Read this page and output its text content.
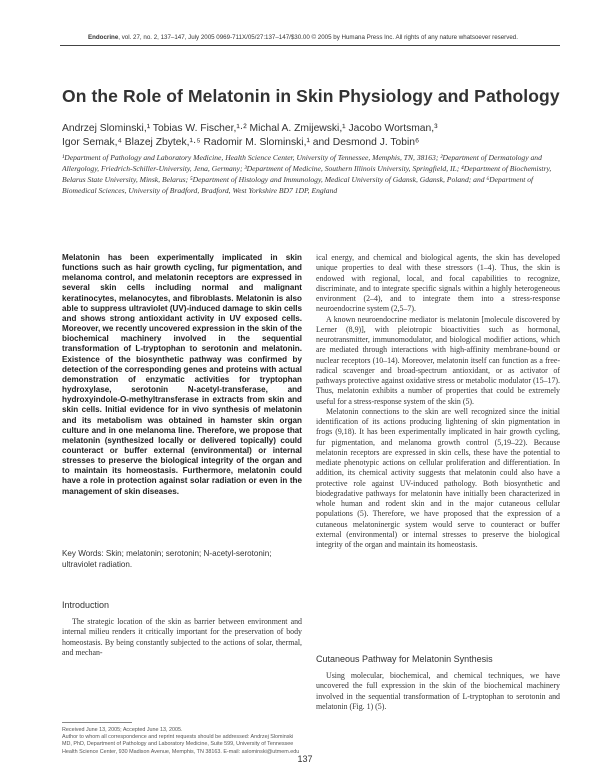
Endocrine, vol. 27, no. 2, 137–147, July 2005 0969-711X/05/27:137–147/$30.00 © 2005 by Humana Press Inc. All rights of any nature whatsoever reserved.
On the Role of Melatonin in Skin Physiology and Pathology
Andrzej Slominski,¹ Tobias W. Fischer,¹·² Michal A. Zmijewski,¹ Jacobo Wortsman,³
Igor Semak,⁴ Blazej Zbytek,¹·⁵ Radomir M. Slominski,¹ and Desmond J. Tobin⁶
¹Department of Pathology and Laboratory Medicine, Health Science Center, University of Tennessee, Memphis, TN, 38163; ²Department of Dermatology and Allergology, Friedrich-Schiller-University, Jena, Germany; ³Department of Medicine, Southern Illinois University, Springfield, IL; ⁴Department of Biochemistry, Belarus State University, Minsk, Belarus; ⁵Department of Histology and Immunology, Medical University of Gdansk, Gdansk, Poland; and ⁶Department of Biomedical Sciences, University of Bradford, Bradford, West Yorkshire BD7 1DP, England

Melatonin has been experimentally implicated in skin functions such as hair growth cycling, fur pigmentation, and melanoma control, and melatonin receptors are expressed in several skin cells including normal and malignant keratinocytes, melanocytes, and fibroblasts. Melatonin is also able to suppress ultraviolet (UV)-induced damage to skin cells and shows strong antioxidant activity in UV exposed cells. Moreover, we recently uncovered expression in the skin of the biochemical machinery involved in the sequential transformation of L-tryptophan to serotonin and melatonin. Existence of the biosynthetic pathway was confirmed by detection of the corresponding genes and proteins with actual demonstration of enzymatic activities for tryptophan hydroxylase, serotonin N-acetyl-transferase, and hydroxyindole-O-methyltransferase in extracts from skin and skin cells. Initial evidence for in vivo synthesis of melatonin and its metabolism was obtained in hamster skin organ culture and in one melanoma line. Therefore, we propose that melatonin (synthesized locally or delivered topically) could counteract or buffer external (environmental) or internal stresses to preserve the biological integrity of the organ and to maintain its homeostasis. Furthermore, melatonin could have a role in protection against solar radiation or even in the management of skin diseases.

Key Words: Skin; melatonin; serotonin; N-acetyl-serotonin; ultraviolet radiation.
Introduction

The strategic location of the skin as barrier between environment and internal milieu renders it critically important for the preservation of body homeostasis. By being constantly subjected to the actions of solar, thermal, and mechan-

Received June 13, 2005; Accepted June 13, 2005.

Author to whom all correspondence and reprint requests should be addressed: Andrzej Slominski MD, PhD, Department of Pathology and Laboratory Medicine, Suite 599, University of Tennessee Health Science Center, 930 Madison Avenue, Memphis, TN 38163. E-mail: aslominski@utmem.edu

ical energy, and chemical and biological agents, the skin has developed unique properties to deal with these stressors (1–4). Thus, the skin is endowed with regional, local, and focal capabilities to recognize, discriminate, and to integrate specific signals within a highly heterogeneous environment (2–4), and to integrate them into a stress-response neuroendocrine system (2,5–7).

A known neuroendocrine mediator is melatonin [molecule discovered by Lerner (8,9)], with pleiotropic bioactivities such as hormonal, neurotransmitter, immunomodulator, and biological modifier actions, which are mediated through interactions with high-affinity membrane-bound or nuclear receptors (10–14). Moreover, melatonin itself can function as a free-radical scavenger and broad-spectrum antioxidant, or as activator of pathways protective against oxidative stress or metabolic modulator (15–17). Thus, melatonin exhibits a number of properties that could be extremely useful for a stress-response system of the skin (5).

Melatonin connections to the skin are well recognized since the initial identification of its actions producing lightening of skin pigmentation in frogs (9,18). It has been experimentally implicated in hair growth cycling, fur pigmentation, and melanoma growth control (5,19–22). Because melatonin receptors are expressed in skin cells, these have the potential to mediate phenotypic actions on cellular proliferation and differentiation. In addition, its chemical activity suggests that melatonin could also have a protective role against UV-induced pathology. Both biosynthetic and biodegradative pathways for melatonin have initially been characterized in whole human and rodent skin and in the major cutaneous cellular populations (5). Therefore, we have proposed that the expression of a cutaneous melatoninergic system would serve to counteract or buffer external (environmental) or internal stresses to preserve the biological integrity of the organ and maintain its homeostasis.

Cutaneous Pathway for Melatonin Synthesis

Using molecular, biochemical, and chemical techniques, we have uncovered the full expression in the skin of the biochemical machinery involved in the sequential transformation of L-tryptophan to serotonin and melatonin (Fig. 1) (5).

137
